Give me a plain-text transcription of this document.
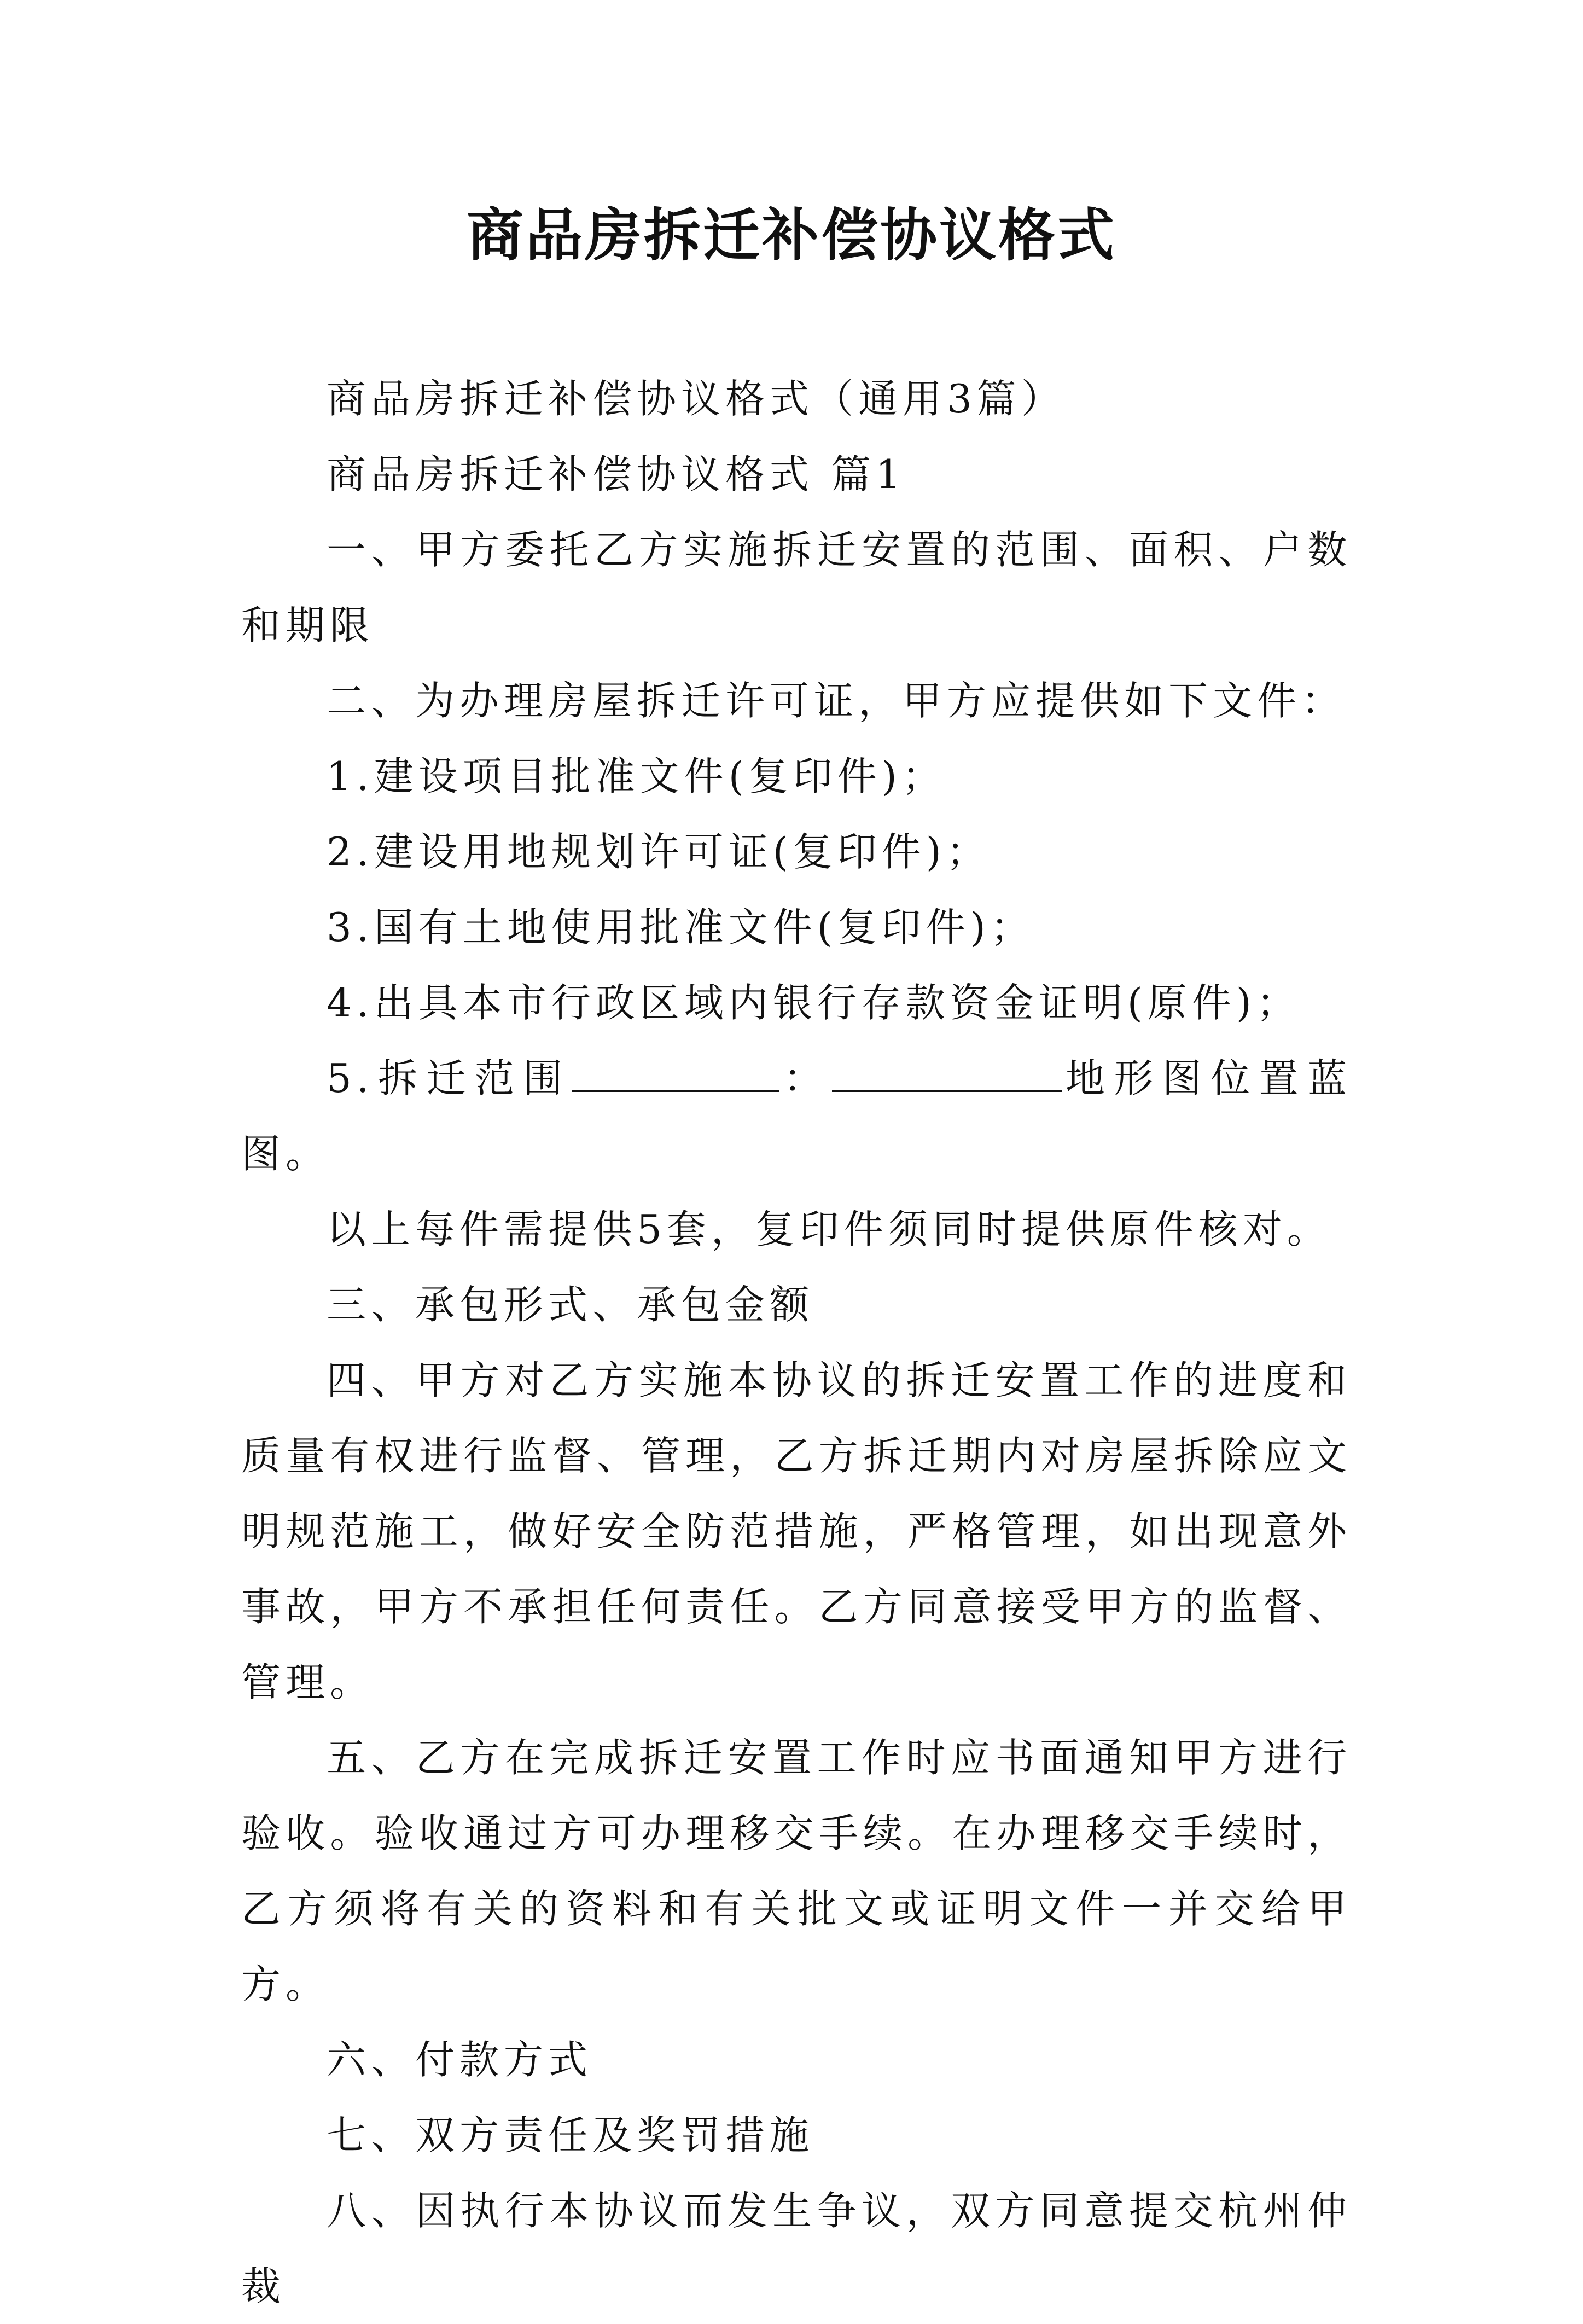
商品房拆迁补偿协议格式

商品房拆迁补偿协议格式（通用3篇）

商品房拆迁补偿协议格式 篇1

一、甲方委托乙方实施拆迁安置的范围、面积、户数和期限

二、为办理房屋拆迁许可证，甲方应提供如下文件：

1.建设项目批准文件(复印件)；

2.建设用地规划许可证(复印件)；

3.国有土地使用批准文件(复印件)；

4.出具本市行政区域内银行存款资金证明(原件)；

5.拆迁范围	：	地形图位置蓝图。

以上每件需提供5套，复印件须同时提供原件核对。

三、承包形式、承包金额

四、甲方对乙方实施本协议的拆迁安置工作的进度和质量有权进行监督、管理，乙方拆迁期内对房屋拆除应文明规范施工，做好安全防范措施，严格管理，如出现意外事故，甲方不承担任何责任。乙方同意接受甲方的监督、管理。

五、乙方在完成拆迁安置工作时应书面通知甲方进行验收。验收通过方可办理移交手续。在办理移交手续时，乙方须将有关的资料和有关批文或证明文件一并交给甲方。

六、付款方式

七、双方责任及奖罚措施

八、因执行本协议而发生争议，双方同意提交杭州仲裁
